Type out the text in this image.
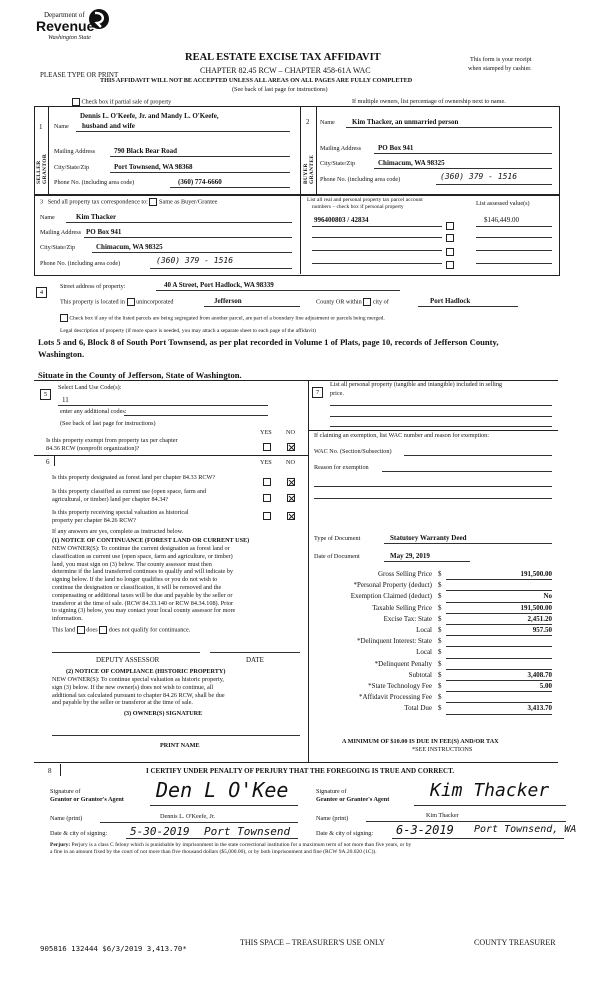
Department of
Revenue
Washington State
REAL ESTATE EXCISE TAX AFFIDAVIT
CHAPTER 82.45 RCW – CHAPTER 458-61A WAC
THIS AFFIDAVIT WILL NOT BE ACCEPTED UNLESS ALL AREAS ON ALL PAGES ARE FULLY COMPLETED
(See back of last page for instructions)
PLEASE TYPE OR PRINT
This form is your receipt
when stamped by cashier.
Check box if partial sale of property	If multiple owners, list percentage of ownership next to name.
1
SELLER GRANTOR
Dennis L. O'Keefe, Jr. and Mandy L. O'Keefe,
Name husband and wife
Mailing Address	790 Black Bear Road
City/State/Zip	Port Townsend, WA 98368
Phone No. (including area code)	(360) 774-6660
2
BUYER GRANTEE
Name Kim Thacker, an unmarried person
Mailing Address PO Box 941
City/State/Zip	Chimacum, WA 98325
Phone No. (including area code)	(360) 379 - 1516
3 Send all property tax correspondence to: Same as Buyer/Grantee
Name	Kim Thacker
Mailing Address PO Box 941
City/State/Zip	Chimacum, WA 98325
Phone No. (including area code)	(360) 379 - 1516
List all real and personal property tax parcel account
numbers – check box if personal property	List assessed value(s)
996400803 / 42834	$146,449.00
4
Street address of property:	40 A Street, Port Hadlock, WA 98339
This property is located in unincorporated	Jefferson	County OR within city of	Port Hadlock
Check box if any of the listed parcels are being segregated from another parcel, are part of a boundary line adjustment or parcels being merged.
Legal description of property (if more space is needed, you may attach a separate sheet to each page of the affidavit)
Lots 5 and 6, Block 8 of South Port Townsend, as per plat recorded in Volume 1 of Plats, page 10, records of Jefferson County,
Washington.
Situate in the County of Jefferson, State of Washington.
5
Select Land Use Code(s):
11
enter any additional codes:
(See back of last page for instructions)
YES NO
Is this property exempt from property tax per chapter
84.36 RCW (nonprofit organization)?
6	YES NO
Is this property designated as forest land per chapter 84.33 RCW?
Is this property classified as current use (open space, farm and
agricultural, or timber) land per chapter 84.34?
Is this property receiving special valuation as historical
property per chapter 84.26 RCW?
If any answers are yes, complete as instructed below.
(1) NOTICE OF CONTINUANCE (FOREST LAND OR CURRENT USE)
NEW OWNER(S): To continue the current designation as forest land or
classification as current use (open space, farm and agriculture, or timber)
land, you must sign on (3) below. The county assessor must then
determine if the land transferred continues to qualify and will indicate by
signing below. If the land no longer qualifies or you do not wish to
continue the designation or classification, it will be removed and the
compensating or additional taxes will be due and payable by the seller or
transferor at the time of sale. (RCW 84.33.140 or RCW 84.34.108). Prior
to signing (3) below, you may contact your local county assessor for more
information.
This land does does not qualify for continuance.
DEPUTY ASSESSOR	DATE
(2) NOTICE OF COMPLIANCE (HISTORIC PROPERTY)
NEW OWNER(S): To continue special valuation as historic property,
sign (3) below. If the new owner(s) does not wish to continue, all
additional tax calculated pursuant to chapter 84.26 RCW, shall be due
and payable by the seller or transferor at the time of sale.
(3) OWNER(S) SIGNATURE
PRINT NAME
7
List all personal property (tangible and intangible) included in selling
price.
If claiming an exemption, list WAC number and reason for exemption:
WAC No. (Section/Subsection)
Reason for exemption
Type of Document	Statutory Warranty Deed
Date of Document	May 29, 2019
Gross Selling Price $	191,500.00
*Personal Property (deduct) $
Exemption Claimed (deduct) $	No
Taxable Selling Price $	191,500.00
Excise Tax: State $	2,451.20
Local $	957.50
*Delinquent Interest: State $
Local $
*Delinquent Penalty $
Subtotal $	3,408.70
*State Technology Fee $	5.00
*Affidavit Processing Fee $
Total Due $	3,413.70
A MINIMUM OF $10.00 IS DUE IN FEE(S) AND/OR TAX
*SEE INSTRUCTIONS
8	I CERTIFY UNDER PENALTY OF PERJURY THAT THE FOREGOING IS TRUE AND CORRECT.
Signature of
Grantor or Grantor's Agent Den L O'Kee	Signature of
Grantee or Grantee's Agent Kim Thacker
Name (print)	Dennis L. O'Keefe, Jr.	Name (print)	Kim Thacker
Date & city of signing: 5-30-2019 Port Townsend	Date & city of signing: 6-3-2019 Port Townsend, WA
Perjury: Perjury is a class C felony which is punishable by imprisonment in the state correctional institution for a maximum term of not more than five years, or by
a fine in an amount fixed by the court of not more than five thousand dollars ($5,000.00), or by both imprisonment and fine (RCW 9A.20.020 (1C)).
905816 132444 $6/3/2019 3,413.70*
THIS SPACE – TREASURER'S USE ONLY	COUNTY TREASURER
